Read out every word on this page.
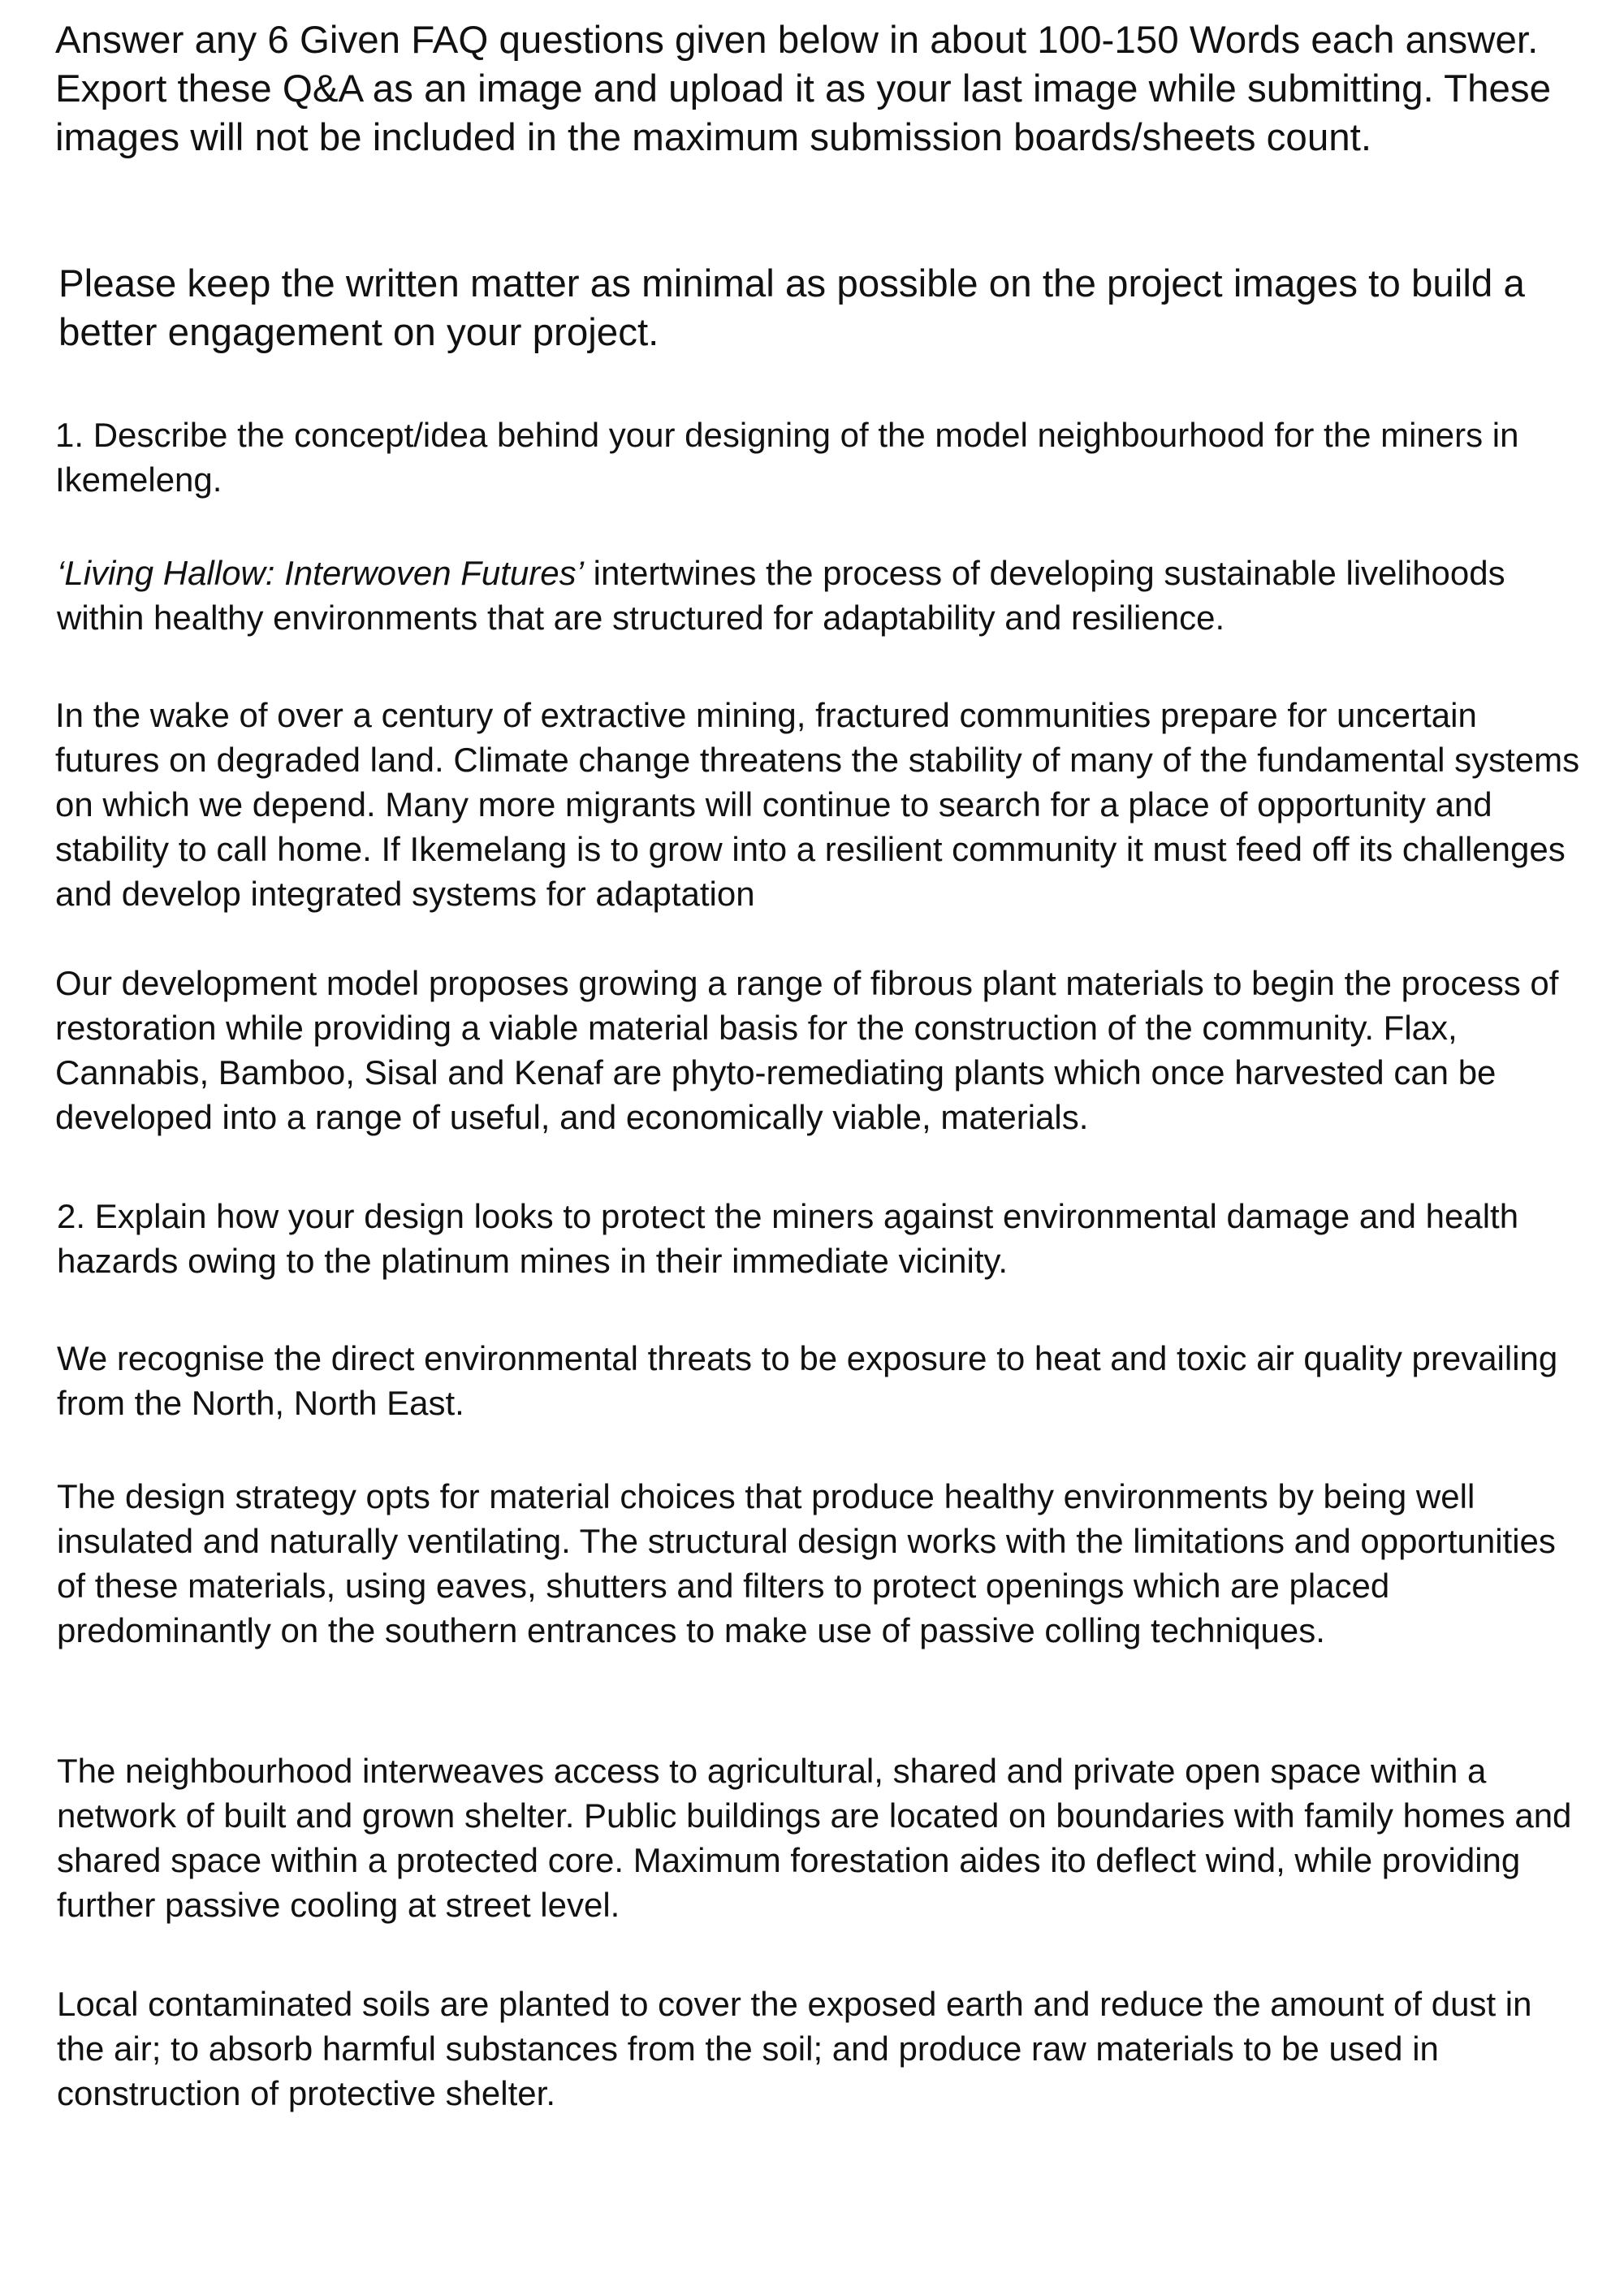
Answer any 6 Given FAQ questions given below in about 100-150 Words each answer. Export these Q&A as an image and upload it as your last image while submitting. These images will not be included in the maximum submission boards/sheets count.

Please keep the written matter as minimal as possible on the project images to build a better engagement on your project.

1. Describe the concept/idea behind your designing of the model neighbourhood for the miners in Ikemeleng.

‘Living Hallow: Interwoven Futures’ intertwines the process of developing sustainable livelihoods within healthy environments that are structured for adaptability and resilience.

In the wake of over a century of extractive mining, fractured communities prepare for uncertain futures on degraded land. Climate change threatens the stability of many of the fundamental systems on which we depend. Many more migrants will continue to search for a place of opportunity and stability to call home. If Ikemelang is to grow into a resilient community it must feed off its challenges and develop integrated systems for adaptation

Our development model proposes growing a range of fibrous plant materials to begin the process of restoration while providing a viable material basis for the construction of the community. Flax, Cannabis, Bamboo, Sisal and Kenaf are phyto-remediating plants which once harvested can be developed into a range of useful, and economically viable, materials.

2. Explain how your design looks to protect the miners against environmental damage and health hazards owing to the platinum mines in their immediate vicinity.

We recognise the direct environmental threats to be exposure to heat and toxic air quality prevailing from the North, North East.

The design strategy opts for material choices that produce healthy environments by being well insulated and naturally ventilating. The structural design works with the limitations and opportunities of these materials, using eaves, shutters and filters to protect openings which are placed predominantly on the southern entrances to make use of passive colling techniques.

The neighbourhood interweaves access to agricultural, shared and private open space within a network of built and grown shelter. Public buildings are located on boundaries with family homes and shared space within a protected core. Maximum forestation aides ito deflect wind, while providing further passive cooling at street level.

Local contaminated soils are planted to cover the exposed earth and reduce the amount of dust in the air; to absorb harmful substances from the soil; and produce raw materials to be used in construction of protective shelter.
